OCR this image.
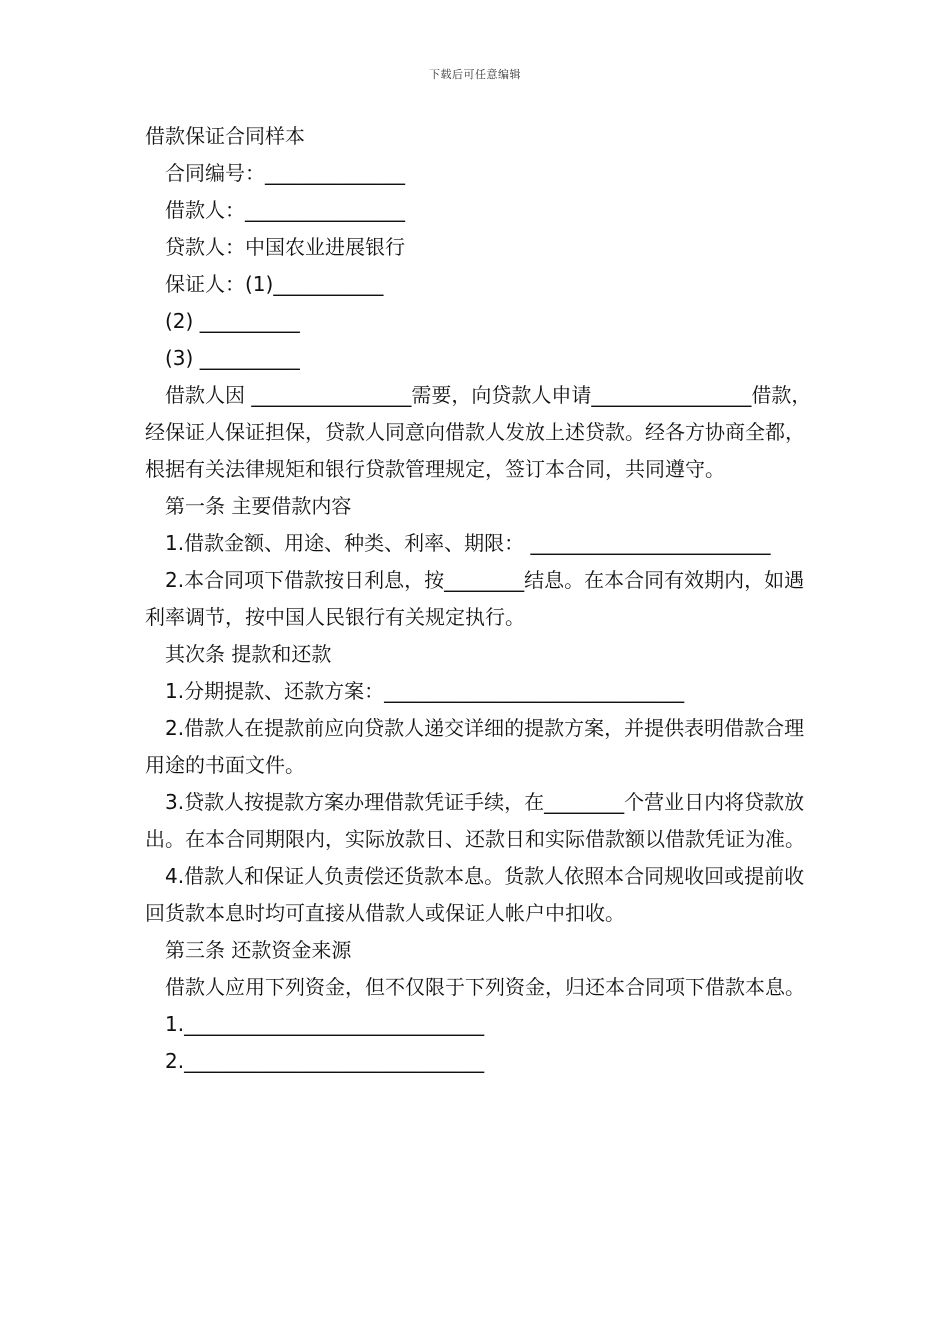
下载后可任意编辑

借款保证合同样本

合同编号：______________

借款人：________________

贷款人：中国农业进展银行

保证人：(1)___________

(2) __________

(3) __________

借款人因 ________________需要，向贷款人申请________________借款，经保证人保证担保，贷款人同意向借款人发放上述贷款。经各方协商全都，根据有关法律规矩和银行贷款管理规定，签订本合同，共同遵守。

第一条 主要借款内容

1.借款金额、用途、种类、利率、期限： ________________________

2.本合同项下借款按日利息，按________结息。在本合同有效期内，如遇利率调节，按中国人民银行有关规定执行。

其次条 提款和还款

1.分期提款、还款方案：______________________________

2.借款人在提款前应向贷款人递交详细的提款方案，并提供表明借款合理用途的书面文件。

3.贷款人按提款方案办理借款凭证手续，在________个营业日内将贷款放出。在本合同期限内，实际放款日、还款日和实际借款额以借款凭证为准。

4.借款人和保证人负责偿还货款本息。货款人依照本合同规收回或提前收回货款本息时均可直接从借款人或保证人帐户中扣收。

第三条 还款资金来源

借款人应用下列资金，但不仅限于下列资金，归还本合同项下借款本息。

1.______________________________

2.______________________________
